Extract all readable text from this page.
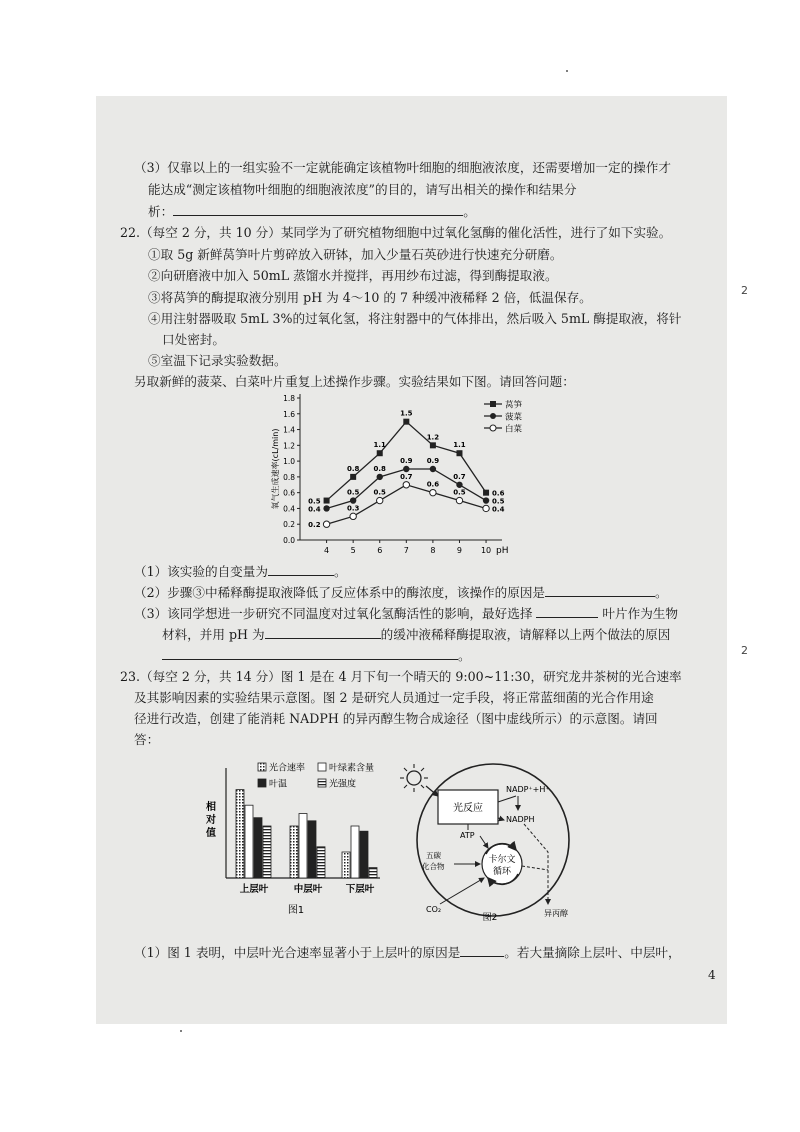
2
2
（3）仅靠以上的一组实验不一定就能确定该植物叶细胞的细胞液浓度，还需要增加一定的操作才
能达成“测定该植物叶细胞的细胞液浓度”的目的，请写出相关的操作和结果分
析：	。
22.（每空 2 分，共 10 分）某同学为了研究植物细胞中过氧化氢酶的催化活性，进行了如下实验。
①取 5g 新鲜莴笋叶片剪碎放入研钵，加入少量石英砂进行快速充分研磨。
②向研磨液中加入 50mL 蒸馏水并搅拌，再用纱布过滤，得到酶提取液。
③将莴笋的酶提取液分别用 pH 为 4～10 的 7 种缓冲液稀释 2 倍，低温保存。
④用注射器吸取 5mL 3%的过氧化氢，将注射器中的气体排出，然后吸入 5mL 酶提取液，将针
口处密封。
⑤室温下记录实验数据。
另取新鲜的菠菜、白菜叶片重复上述操作步骤。实验结果如下图。请回答问题：
0.0
0.2
0.4
0.6
0.8
1.0
1.2
1.4
1.6
1.8
4	5	6	7	8	9 10
0.5
0.8
1.1
1.5
1.2
1.1
0.6
0.4
0.5
0.8
0.9 0.9
0.7
0.5
0.2
0.3
0.5
0.7
0.6
0.5
0.4
莴笋
菠菜
白菜
氧气生成速率(cL/min)
pH
（1）该实验的自变量为	。
（2）步骤③中稀释酶提取液降低了反应体系中的酶浓度，该操作的原因是	。
（3）该同学想进一步研究不同温度对过氧化氢酶活性的影响，最好选择	叶片作为生物
材料，并用 pH 为	的缓冲液稀释酶提取液，请解释以上两个做法的原因
。
23.（每空 2 分，共 14 分）图 1 是在 4 月下旬一个晴天的 9:00~11:30，研究龙井茶树的光合速率
及其影响因素的实验结果示意图。图 2 是研究人员通过一定手段，将正常蓝细菌的光合作用途
径进行改造，创建了能消耗 NADPH 的异丙醇生物合成途径（图中虚线所示）的示意图。请回
答：
相
对
值
上层叶	中层叶 下层叶
光合速率	叶绿素含量
叶温	光强度
图1
光反应
NADP⁺+H⁺
NADPH
ATP
卡尔文
循环
五碳
化合物
CO₂	异丙醇
图2
（1）图 1 表明，中层叶光合速率显著小于上层叶的原因是	。若大量摘除上层叶、中层叶，
4
